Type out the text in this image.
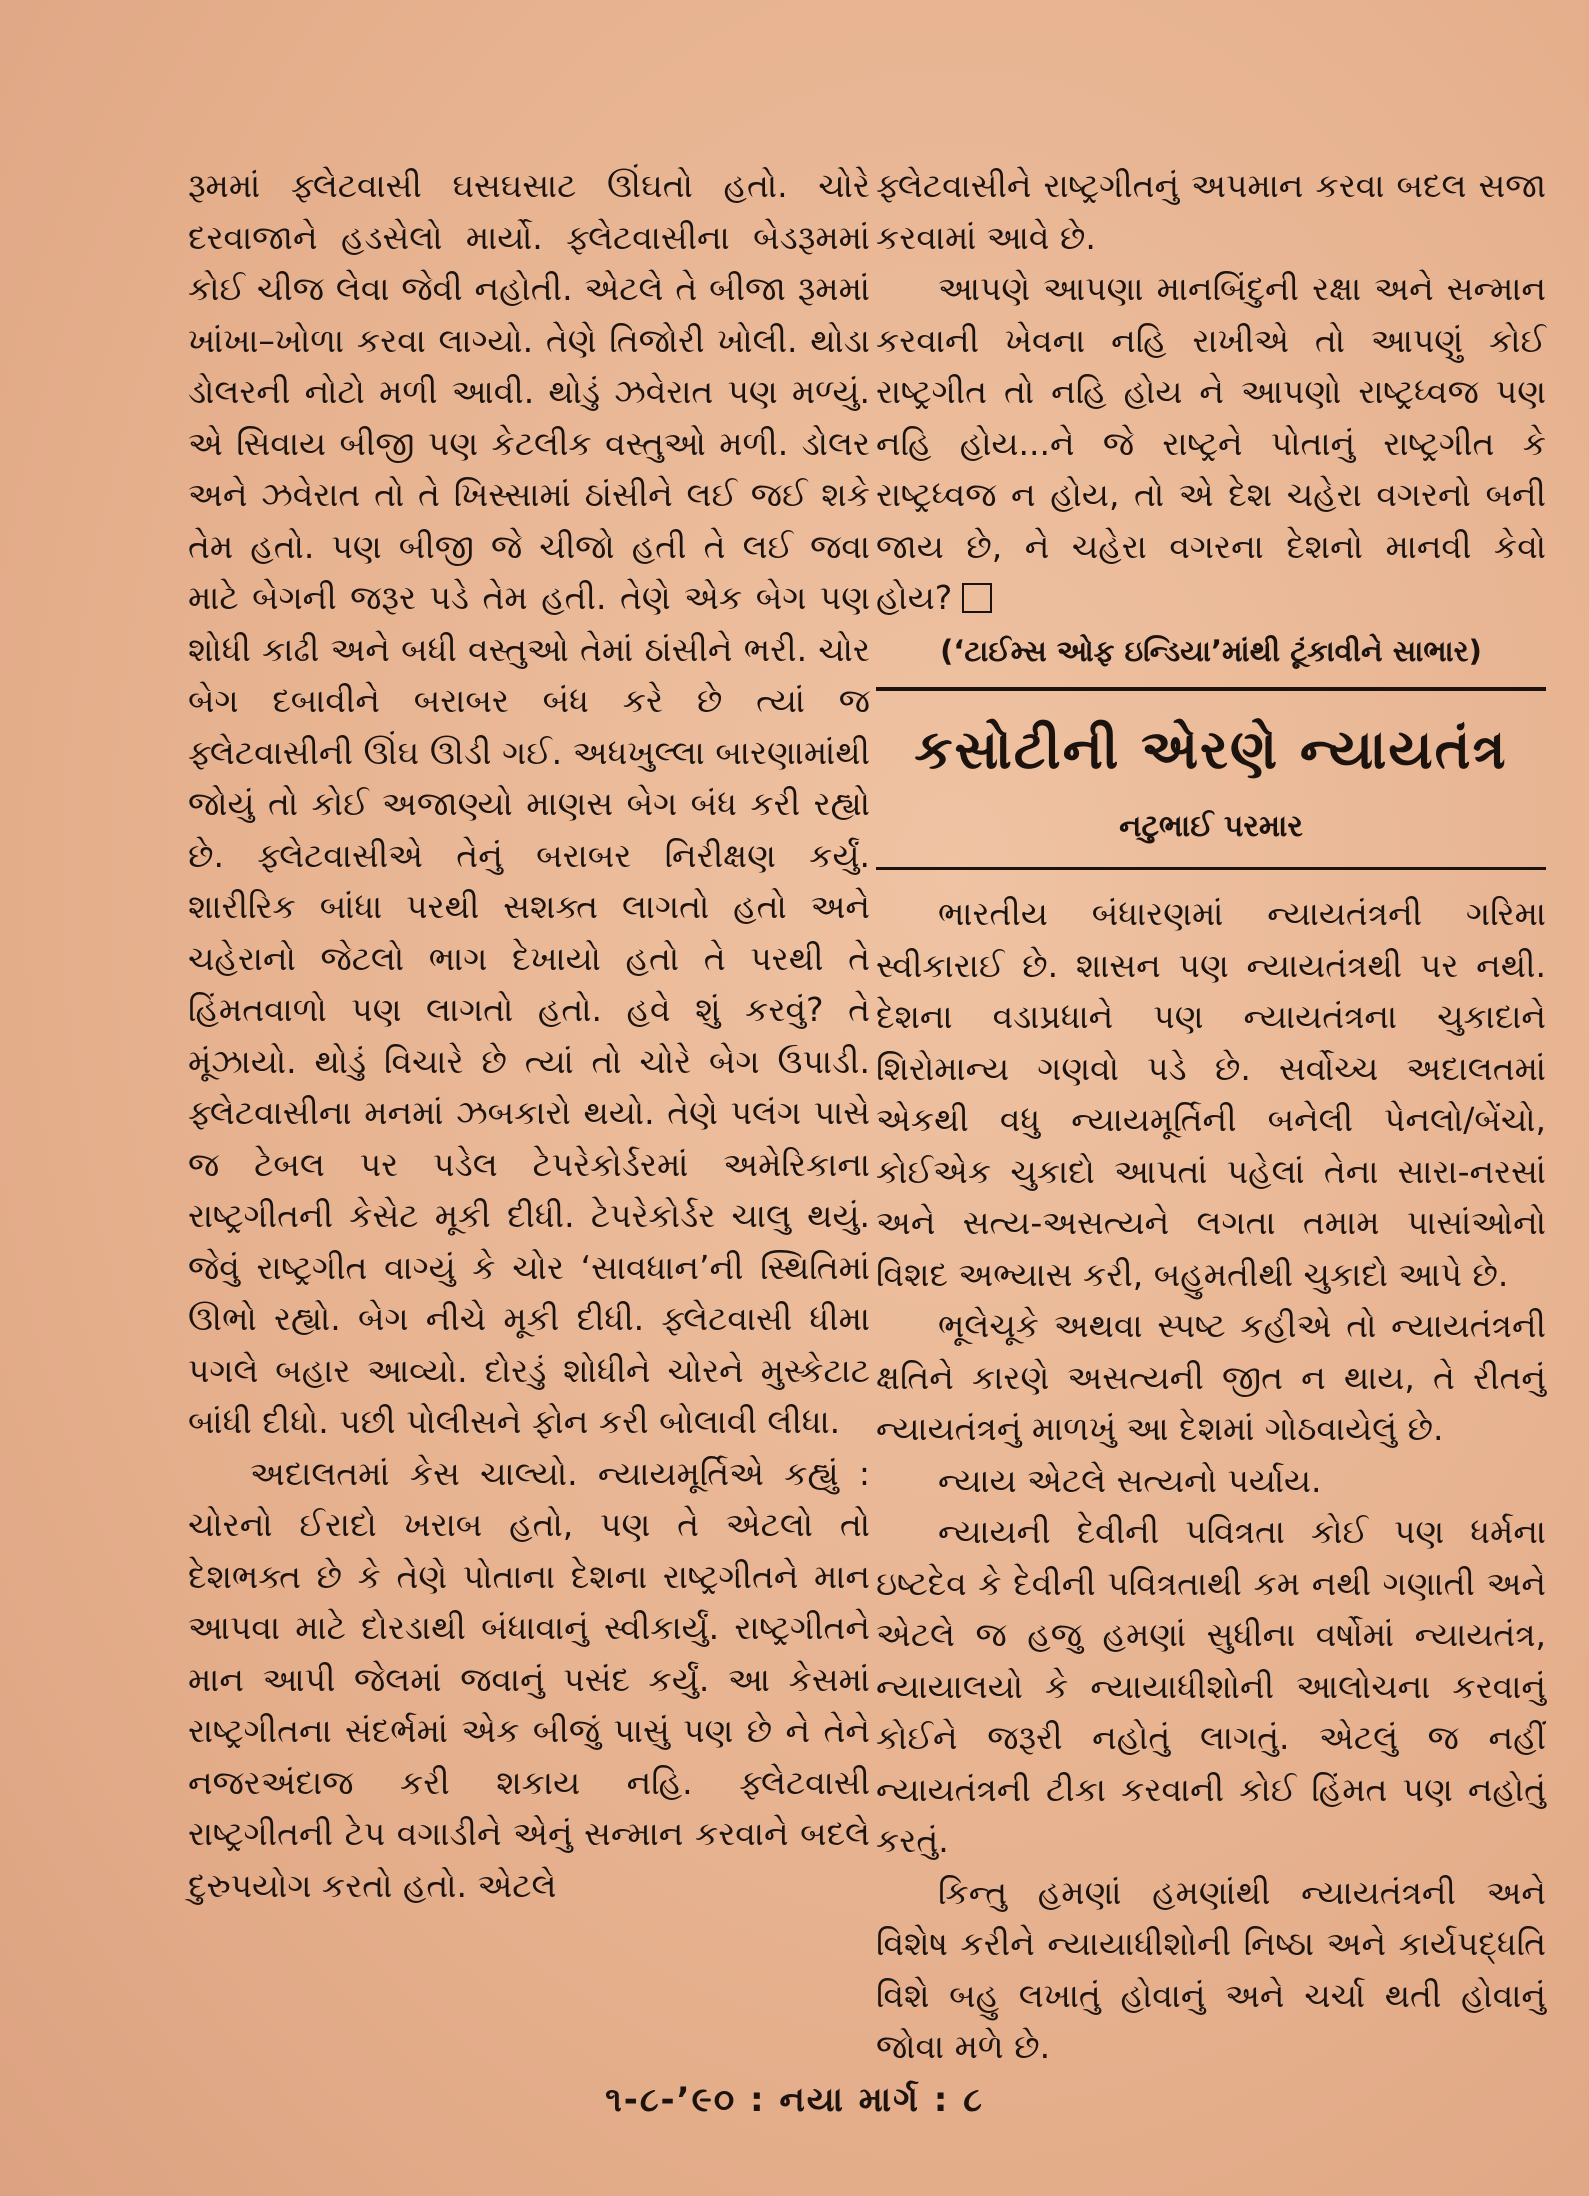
રૂમમાં ફ્લેટવાસી ઘસઘસાટ ઊંઘતો હતો. ચોરે દરવાજાને હડસેલો માર્યો. ફ્લેટવાસીના બેડરૂમમાં કોઈ ચીજ લેવા જેવી નહોતી. એટલે તે બીજા રૂમમાં ખાંખા–ખોળા કરવા લાગ્યો. તેણે તિજોરી ખોલી. થોડા ડોલરની નોટો મળી આવી. થોડું ઝવેરાત પણ મળ્યું. એ સિવાય બીજી પણ કેટલીક વસ્તુઓ મળી. ડોલર અને ઝવેરાત તો તે ખિસ્સામાં ઠાંસીને લઈ જઈ શકે તેમ હતો. પણ બીજી જે ચીજો હતી તે લઈ જવા માટે બેગની જરૂર પડે તેમ હતી. તેણે એક બેગ પણ શોધી કાઢી અને બધી વસ્તુઓ તેમાં ઠાંસીને ભરી. ચોર બેગ દબાવીને બરાબર બંધ કરે છે ત્યાં જ ફ્લેટવાસીની ઊંઘ ઊડી ગઈ. અધખુલ્લા બારણામાંથી જોયું તો કોઈ અજાણ્યો માણસ બેગ બંધ કરી રહ્યો છે. ફ્લેટવાસીએ તેનું બરાબર નિરીક્ષણ કર્યું. શારીરિક બાંધા પરથી સશક્ત લાગતો હતો અને ચહેરાનો જેટલો ભાગ દેખાયો હતો તે પરથી તે હિંમતવાળો પણ લાગતો હતો. હવે શું કરવું? તે મૂંઝાયો. થોડું વિચારે છે ત્યાં તો ચોરે બેગ ઉપાડી. ફ્લેટવાસીના મનમાં ઝબકારો થયો. તેણે પલંગ પાસે જ ટેબલ પર પડેલ ટેપરેકોર્ડરમાં અમેરિકાના રાષ્ટ્રગીતની કેસેટ મૂકી દીધી. ટેપરેકોર્ડર ચાલુ થયું. જેવું રાષ્ટ્રગીત વાગ્યું કે ચોર ‘સાવધાન’ની સ્થિતિમાં ઊભો રહ્યો. બેગ નીચે મૂકી દીધી. ફ્લેટવાસી ધીમા પગલે બહાર આવ્યો. દોરડું શોધીને ચોરને મુસ્કેટાટ બાંધી દીધો. પછી પોલીસને ફોન કરી બોલાવી લીધા.

અદાલતમાં કેસ ચાલ્યો. ન્યાયમૂર્તિએ કહ્યું : ચોરનો ઈરાદો ખરાબ હતો, પણ તે એટલો તો દેશભક્ત છે કે તેણે પોતાના દેશના રાષ્ટ્રગીતને માન આપવા માટે દોરડાથી બંધાવાનું સ્વીકાર્યું. રાષ્ટ્રગીતને માન આપી જેલમાં જવાનું પસંદ કર્યું. આ કેસમાં રાષ્ટ્રગીતના સંદર્ભમાં એક બીજું પાસું પણ છે ને તેને નજરઅંદાજ કરી શકાય નહિ. ફ્લેટવાસી રાષ્ટ્રગીતની ટેપ વગાડીને એનું સન્માન કરવાને બદલે દુરુપયોગ કરતો હતો. એટલે

ફ્લેટવાસીને રાષ્ટ્રગીતનું અપમાન કરવા બદલ સજા કરવામાં આવે છે.

આપણે આપણા માનબિંદુની રક્ષા અને સન્માન કરવાની ખેવના નહિ રાખીએ તો આપણું કોઈ રાષ્ટ્રગીત તો નહિ હોય ને આપણો રાષ્ટ્રધ્વજ પણ નહિ હોય...ને જે રાષ્ટ્રને પોતાનું રાષ્ટ્રગીત કે રાષ્ટ્રધ્વજ ન હોય, તો એ દેશ ચહેરા વગરનો બની જાય છે, ને ચહેરા વગરના દેશનો માનવી કેવો હોય?

(‘ટાઈમ્સ ઓફ ઇન્ડિયા’માંથી ટૂંકાવીને સાભાર)
કસોટીની એરણે ન્યાયતંત્ર
નટુભાઈ પરમાર

ભારતીય બંધારણમાં ન્યાયતંત્રની ગરિમા સ્વીકારાઈ છે. શાસન પણ ન્યાયતંત્રથી પર નથી. દેશના વડાપ્રધાને પણ ન્યાયતંત્રના ચુકાદાને શિરોમાન્ય ગણવો પડે છે. સર્વોચ્ચ અદાલતમાં એકથી વધુ ન્યાયમૂર્તિની બનેલી પેનલો/બેંચો, કોઈએક ચુકાદો આપતાં પહેલાં તેના સારા-નરસાં અને સત્ય-અસત્યને લગતા તમામ પાસાંઓનો વિશદ અભ્યાસ કરી, બહુમતીથી ચુકાદો આપે છે.

ભૂલેચૂકે અથવા સ્પષ્ટ કહીએ તો ન્યાયતંત્રની ક્ષતિને કારણે અસત્યની જીત ન થાય, તે રીતનું ન્યાયતંત્રનું માળખું આ દેશમાં ગોઠવાયેલું છે.

ન્યાય એટલે સત્યનો પર્યાય.

ન્યાયની દેવીની પવિત્રતા કોઈ પણ ધર્મના ઇષ્ટદેવ કે દેવીની પવિત્રતાથી કમ નથી ગણાતી અને એટલે જ હજુ હમણાં સુધીના વર્ષોમાં ન્યાયતંત્ર, ન્યાયાલયો કે ન્યાયાધીશોની આલોચના કરવાનું કોઈને જરૂરી નહોતું લાગતું. એટલું જ નહીં ન્યાયતંત્રની ટીકા કરવાની કોઈ હિંમત પણ નહોતું કરતું.

કિન્તુ હમણાં હમણાંથી ન્યાયતંત્રની અને વિશેષ કરીને ન્યાયાધીશોની નિષ્ઠા અને કાર્યપદ્ધતિ વિશે બહુ લખાતું હોવાનું અને ચર્ચા થતી હોવાનું જોવા મળે છે.

૧-૮-’૯૦ : નયા માર્ગ : ૮
